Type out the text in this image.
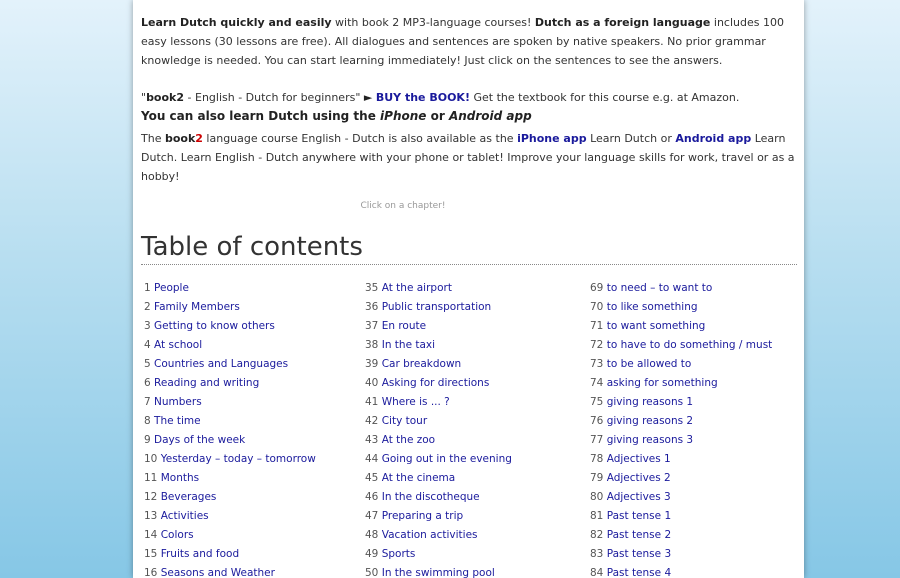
Learn Dutch quickly and easily with book 2 MP3-language courses! Dutch as a foreign language includes 100 easy lessons (30 lessons are free). All dialogues and sentences are spoken by native speakers. No prior grammar knowledge is needed. You can start learning immediately! Just click on the sentences to see the answers.
"book2 - English - Dutch for beginners" ► BUY the BOOK! Get the textbook for this course e.g. at Amazon.
You can also learn Dutch using the iPhone or Android app
The book2 language course English - Dutch is also available as the iPhone app Learn Dutch or Android app Learn Dutch. Learn English - Dutch anywhere with your phone or tablet! Improve your language skills for work, travel or as a hobby!
Click on a chapter!
Table of contents
1 People
2 Family Members
3 Getting to know others
4 At school
5 Countries and Languages
6 Reading and writing
7 Numbers
8 The time
9 Days of the week
10 Yesterday – today – tomorrow
11 Months
12 Beverages
13 Activities
14 Colors
15 Fruits and food
16 Seasons and Weather
35 At the airport
36 Public transportation
37 En route
38 In the taxi
39 Car breakdown
40 Asking for directions
41 Where is ... ?
42 City tour
43 At the zoo
44 Going out in the evening
45 At the cinema
46 In the discotheque
47 Preparing a trip
48 Vacation activities
49 Sports
50 In the swimming pool
69 to need – to want to
70 to like something
71 to want something
72 to have to do something / must
73 to be allowed to
74 asking for something
75 giving reasons 1
76 giving reasons 2
77 giving reasons 3
78 Adjectives 1
79 Adjectives 2
80 Adjectives 3
81 Past tense 1
82 Past tense 2
83 Past tense 3
84 Past tense 4
